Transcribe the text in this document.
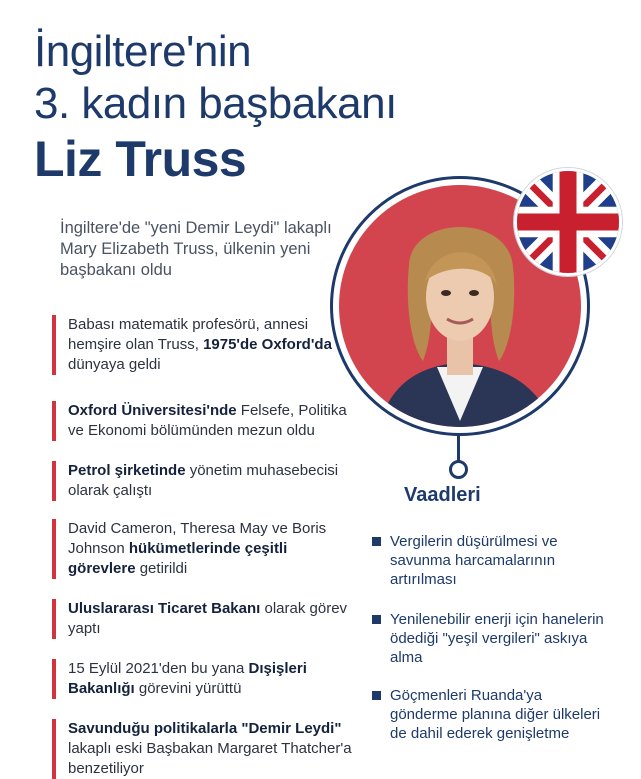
İngiltere'nin
3. kadın başbakanı
Liz Truss
İngiltere'de "yeni Demir Leydi" lakaplı Mary Elizabeth Truss, ülkenin yeni başbakanı oldu
Babası matematik profesörü, annesi hemşire olan Truss, 1975'de Oxford'da dünyaya geldi
Oxford Üniversitesi'nde Felsefe, Politika ve Ekonomi bölümünden mezun oldu
Petrol şirketinde yönetim muhasebecisi olarak çalıştı
David Cameron, Theresa May ve Boris Johnson hükümetlerinde çeşitli görevlere getirildi
Uluslararası Ticaret Bakanı olarak görev yaptı
15 Eylül 2021'den bu yana Dışişleri Bakanlığı görevini yürüttü
Savunduğu politikalarla "Demir Leydi" lakaplı eski Başbakan Margaret Thatcher'a benzetiliyor
Vaadleri
Vergilerin düşürülmesi ve savunma harcamalarının artırılması
Yenilenebilir enerji için hanelerin ödediği "yeşil vergileri" askıya alma
Göçmenleri Ruanda'ya gönderme planına diğer ülkeleri de dahil ederek genişletme
